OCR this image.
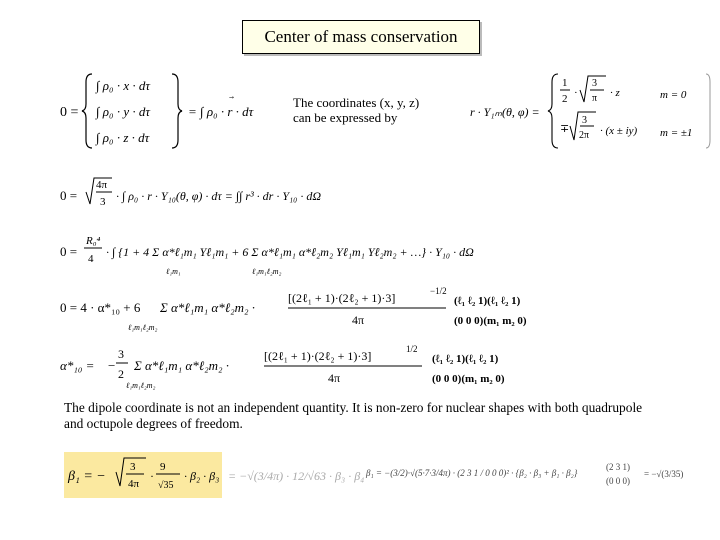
Center of mass conservation
0 =
∫ ρ₀ · x · dτ
∫ ρ₀ · y · dτ
∫ ρ₀ · z · dτ
= ∫ ρ₀ · r · dτ
The coordinates (x, y, z)
can be expressed by	r · Y₁ₘ(θ, φ) =
1
2 ·
3
π · z
∓
3
2π · (x ± iy)
m = 0
m = ±1
0 =
4π
3 · ∫ ρ₀ · r · Y₁₀(θ, φ) · dτ = ∫∫ r³ · dr · Y₁₀ · dΩ
0 =
R₀⁴
4 · ∫ {1 + 4 Σ α*ℓ₁m₁ Yℓ₁m₁ + 6 Σ α*ℓ₁m₁ α*ℓ₂m₂ Yℓ₁m₁ Yℓ₂m₂ + …} · Y₁₀ · dΩ
ℓ₁m₁	ℓ₁m₁ℓ₂m₂
0 = 4 · α*₁₀ + 6 Σ α*ℓ₁m₁ α*ℓ₂m₂ ·
ℓ₁m₁ℓ₂m₂
[(2ℓ₁ + 1)·(2ℓ₂ + 1)·3]
4π
−1/2
(ℓ₁ ℓ₂ 1)(ℓ₁ ℓ₂ 1)
(0 0 0)(m₁ m₂ 0)
α*₁₀ = −
3
2
Σ α*ℓ₁m₁ α*ℓ₂m₂ ·
ℓ₁m₁ℓ₂m₂
[(2ℓ₁ + 1)·(2ℓ₂ + 1)·3]
4π
1/2
(ℓ₁ ℓ₂ 1)(ℓ₁ ℓ₂ 1)
(0 0 0)(m₁ m₂ 0)
The dipole coordinate is not an independent quantity. It is non-zero for nuclear shapes with both quadrupole
and octupole degrees of freedom.
β₁ = −
3
4π
·
9
√35
· β₂ · β₃ = −√(3/4π) · 12/√63 · β₃ · β₄ β₁ = −(3/2)·√(5·7·3/4π) · (2 3 1 / 0 0 0)² · {β₂ · β₃ + β₁ · β₂}
(2 3 1)
(0 0 0)
= −√(3/35)
